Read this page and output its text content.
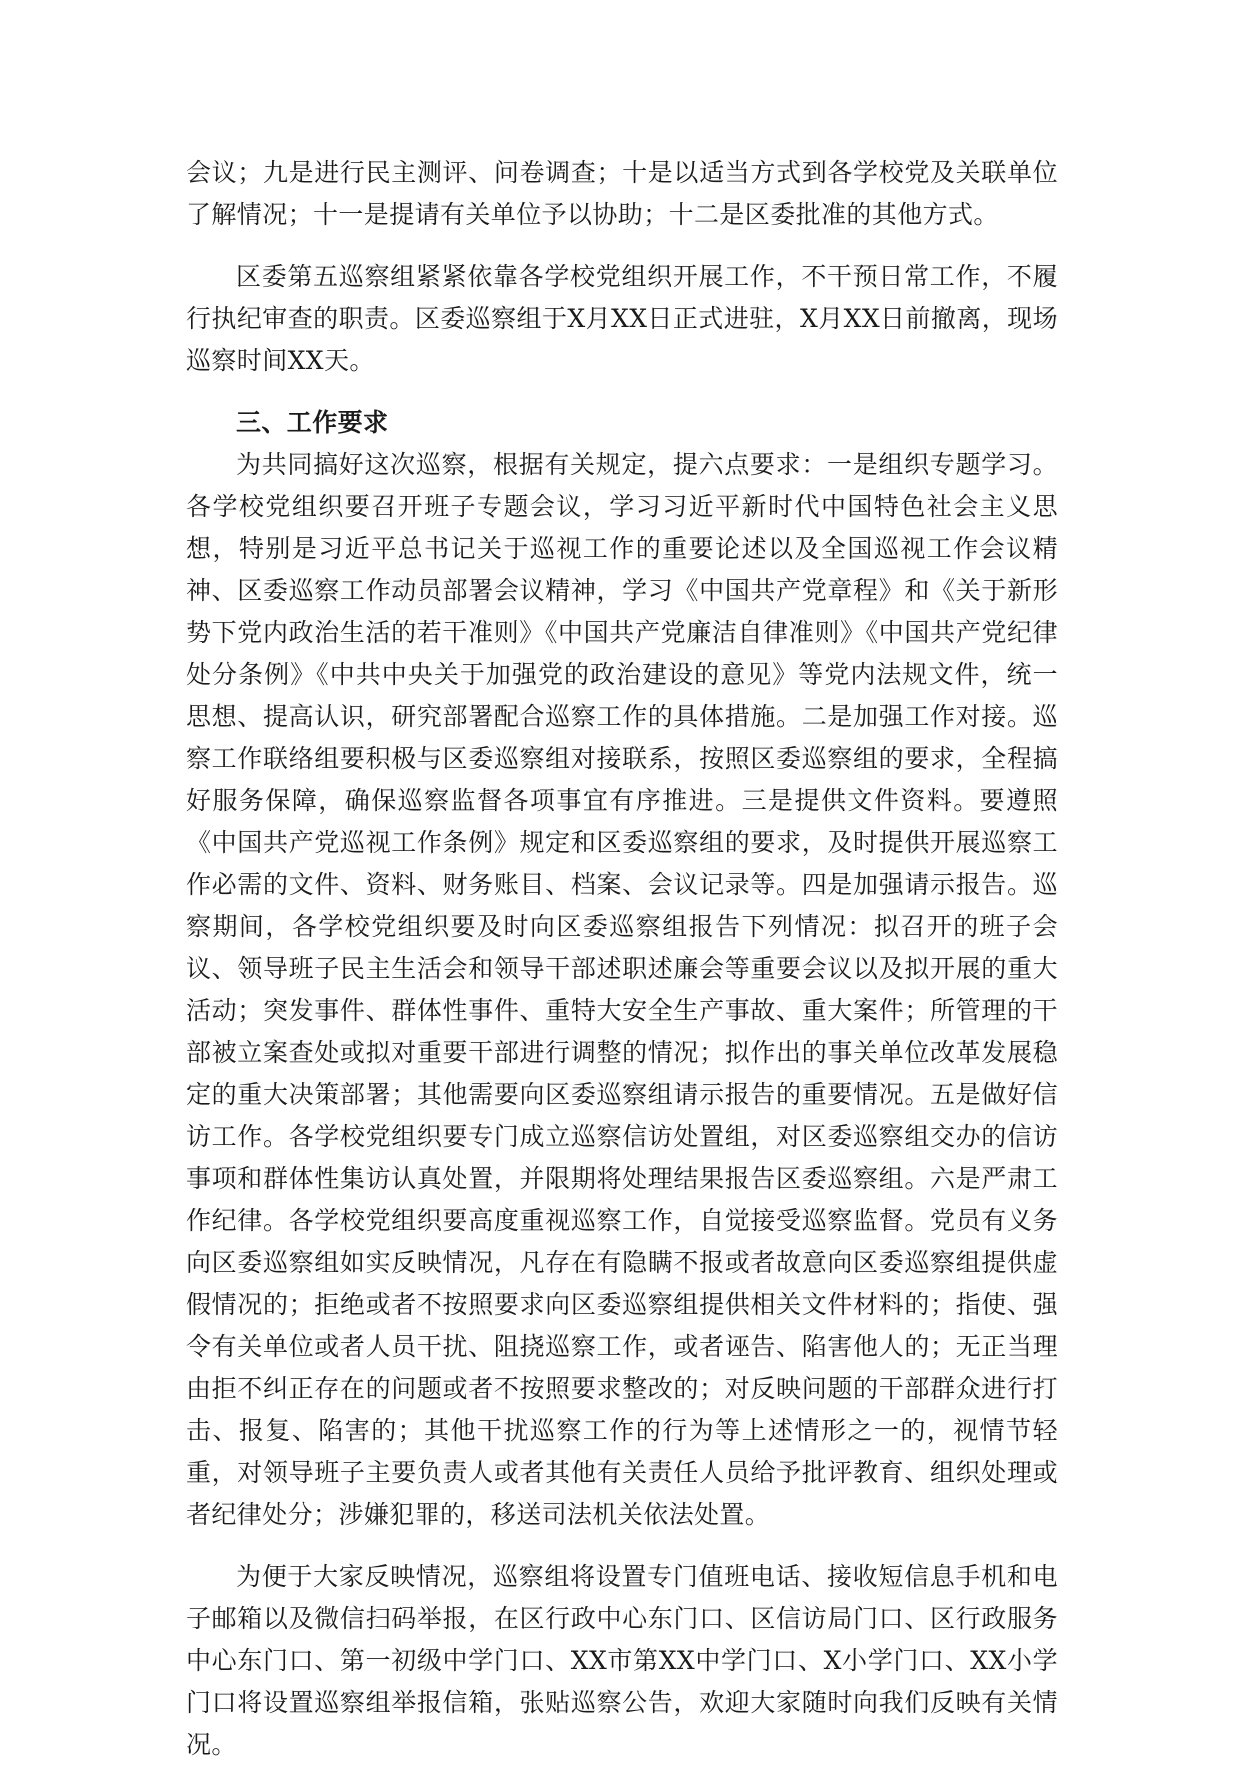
会议；九是进行民主测评、问卷调查；十是以适当方式到各学校党及关联单位了解情况；十一是提请有关单位予以协助；十二是区委批准的其他方式。

区委第五巡察组紧紧依靠各学校党组织开展工作，不干预日常工作，不履行执纪审查的职责。区委巡察组于X月XX日正式进驻，X月XX日前撤离，现场巡察时间XX天。

三、工作要求

为共同搞好这次巡察，根据有关规定，提六点要求：一是组织专题学习。各学校党组织要召开班子专题会议，学习习近平新时代中国特色社会主义思想，特别是习近平总书记关于巡视工作的重要论述以及全国巡视工作会议精神、区委巡察工作动员部署会议精神，学习《中国共产党章程》和《关于新形势下党内政治生活的若干准则》《中国共产党廉洁自律准则》《中国共产党纪律处分条例》《中共中央关于加强党的政治建设的意见》等党内法规文件，统一思想、提高认识，研究部署配合巡察工作的具体措施。二是加强工作对接。巡察工作联络组要积极与区委巡察组对接联系，按照区委巡察组的要求，全程搞好服务保障，确保巡察监督各项事宜有序推进。三是提供文件资料。要遵照《中国共产党巡视工作条例》规定和区委巡察组的要求，及时提供开展巡察工作必需的文件、资料、财务账目、档案、会议记录等。四是加强请示报告。巡察期间，各学校党组织要及时向区委巡察组报告下列情况：拟召开的班子会议、领导班子民主生活会和领导干部述职述廉会等重要会议以及拟开展的重大活动；突发事件、群体性事件、重特大安全生产事故、重大案件；所管理的干部被立案查处或拟对重要干部进行调整的情况；拟作出的事关单位改革发展稳定的重大决策部署；其他需要向区委巡察组请示报告的重要情况。五是做好信访工作。各学校党组织要专门成立巡察信访处置组，对区委巡察组交办的信访事项和群体性集访认真处置，并限期将处理结果报告区委巡察组。六是严肃工作纪律。各学校党组织要高度重视巡察工作，自觉接受巡察监督。党员有义务向区委巡察组如实反映情况，凡存在有隐瞒不报或者故意向区委巡察组提供虚假情况的；拒绝或者不按照要求向区委巡察组提供相关文件材料的；指使、强令有关单位或者人员干扰、阻挠巡察工作，或者诬告、陷害他人的；无正当理由拒不纠正存在的问题或者不按照要求整改的；对反映问题的干部群众进行打击、报复、陷害的；其他干扰巡察工作的行为等上述情形之一的，视情节轻重，对领导班子主要负责人或者其他有关责任人员给予批评教育、组织处理或者纪律处分；涉嫌犯罪的，移送司法机关依法处置。

为便于大家反映情况，巡察组将设置专门值班电话、接收短信息手机和电子邮箱以及微信扫码举报，在区行政中心东门口、区信访局门口、区行政服务中心东门口、第一初级中学门口、XX市第XX中学门口、X小学门口、XX小学门口将设置巡察组举报信箱，张贴巡察公告，欢迎大家随时向我们反映有关情况。
